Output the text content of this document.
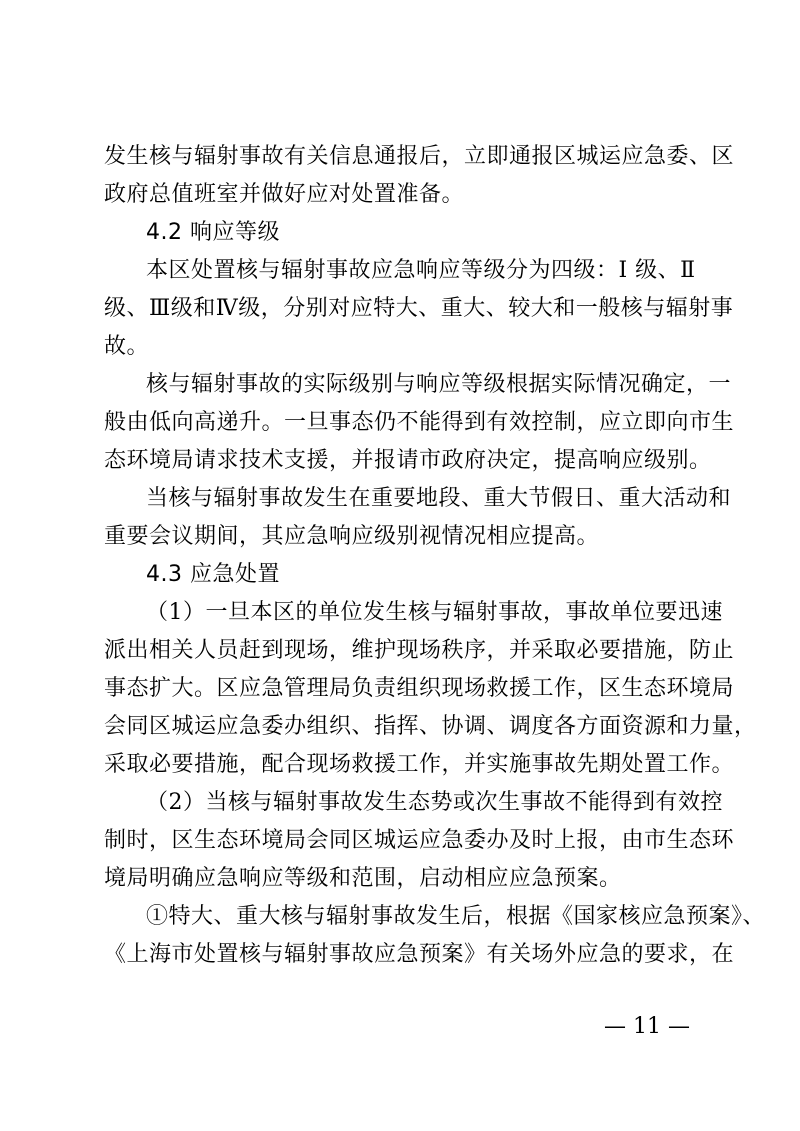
发生核与辐射事故有关信息通报后，立即通报区城运应急委、区
政府总值班室并做好应对处置准备。
4.2 响应等级
本区处置核与辐射事故应急响应等级分为四级：Ⅰ 级、Ⅱ
级、Ⅲ级和Ⅳ级，分别对应特大、重大、较大和一般核与辐射事
故。
核与辐射事故的实际级别与响应等级根据实际情况确定，一
般由低向高递升。一旦事态仍不能得到有效控制，应立即向市生
态环境局请求技术支援，并报请市政府决定，提高响应级别。
当核与辐射事故发生在重要地段、重大节假日、重大活动和
重要会议期间，其应急响应级别视情况相应提高。
4.3 应急处置
（1）一旦本区的单位发生核与辐射事故，事故单位要迅速
派出相关人员赶到现场，维护现场秩序，并采取必要措施，防止
事态扩大。区应急管理局负责组织现场救援工作，区生态环境局
会同区城运应急委办组织、指挥、协调、调度各方面资源和力量，
采取必要措施，配合现场救援工作，并实施事故先期处置工作。
（2）当核与辐射事故发生态势或次生事故不能得到有效控
制时，区生态环境局会同区城运应急委办及时上报，由市生态环
境局明确应急响应等级和范围，启动相应应急预案。
①特大、重大核与辐射事故发生后，根据《国家核应急预案》、
《上海市处置核与辐射事故应急预案》有关场外应急的要求，在
— 11 —
